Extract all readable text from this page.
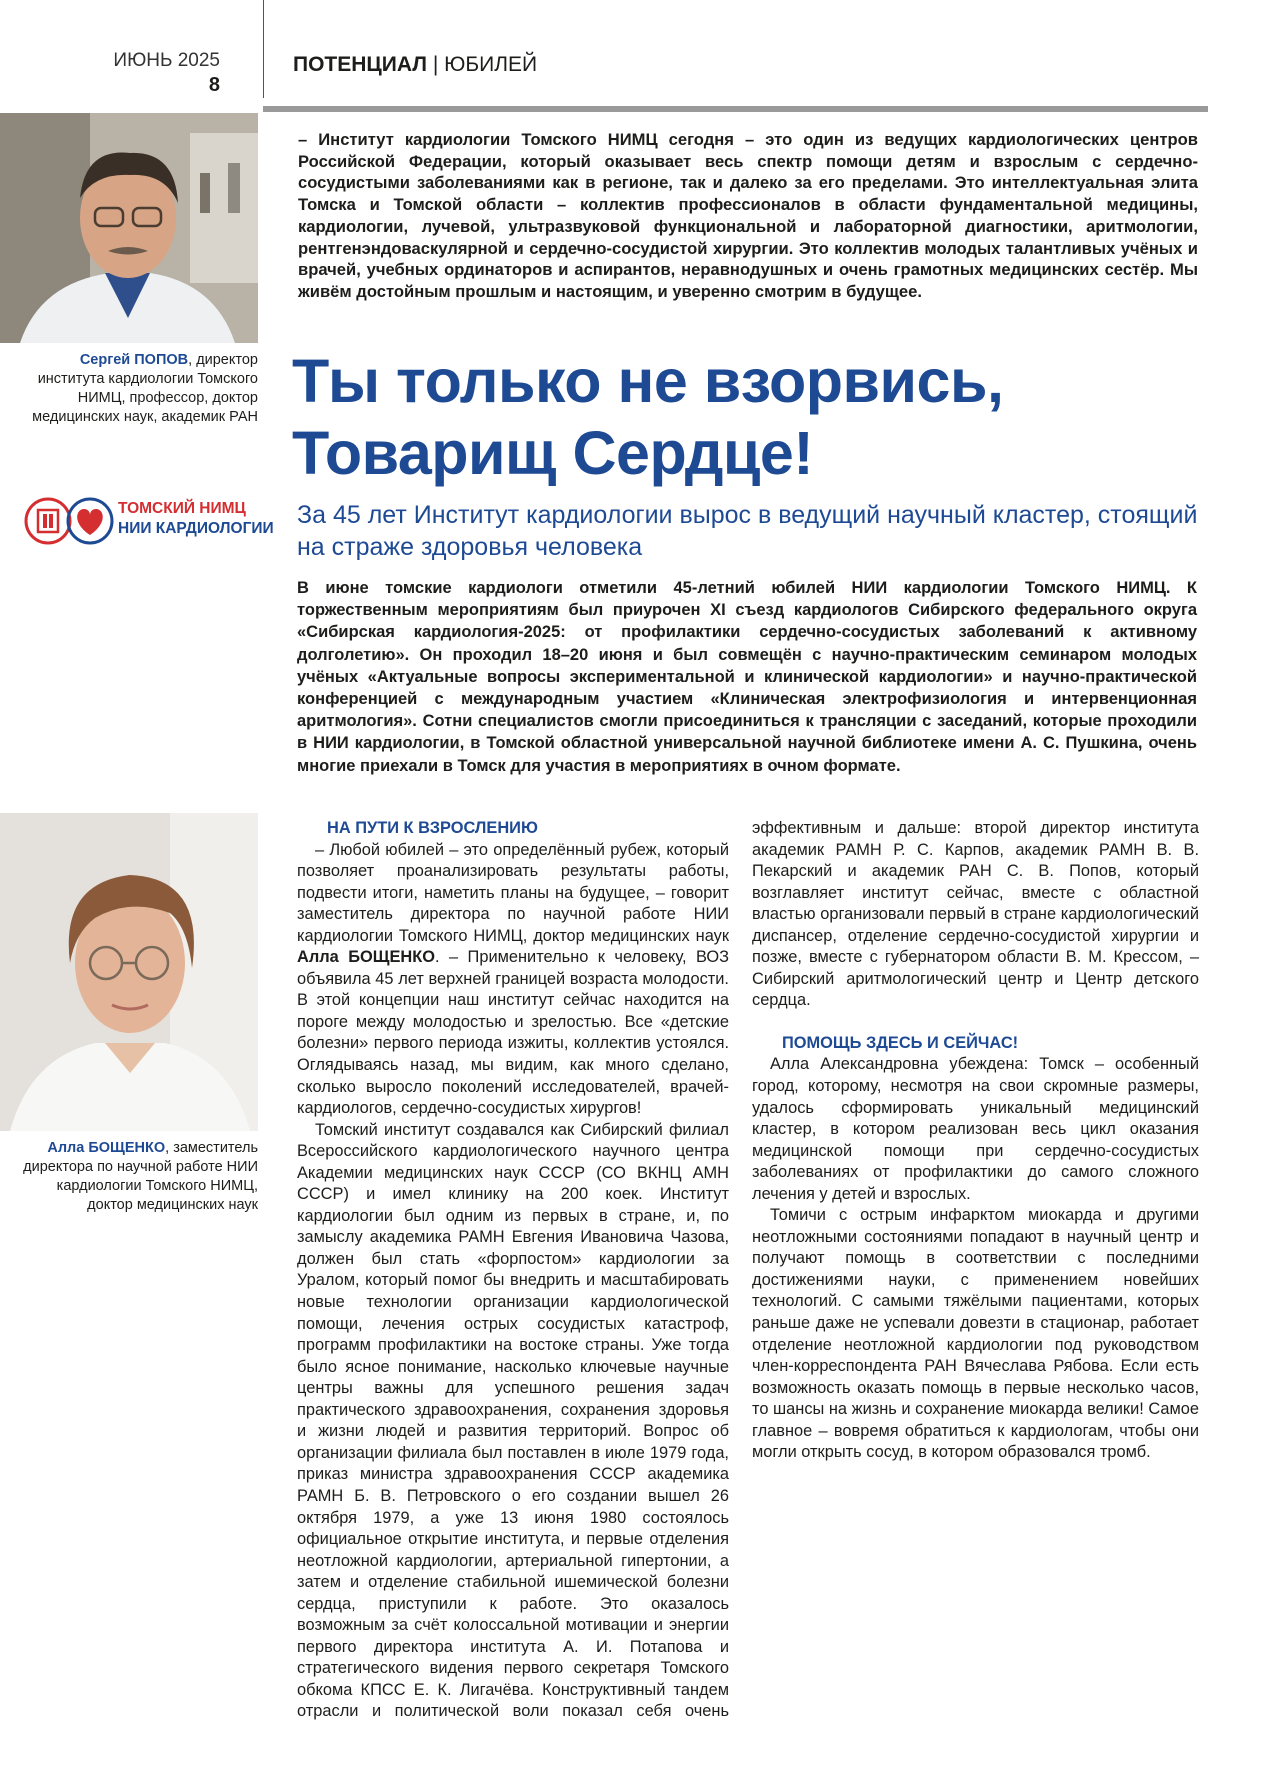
ИЮНЬ 2025
8
ПОТЕНЦИАЛ | ЮБИЛЕЙ
Сергей ПОПОВ, директор института кардиологии Томского НИМЦ, профессор, доктор медицинских наук, академик РАН
ТОМСКИЙ НИМЦ
НИИ КАРДИОЛОГИИ
– Институт кардиологии Томского НИМЦ сегодня – это один из ведущих кардиологических центров Российской Федерации, который оказывает весь спектр помощи детям и взрослым с сердечно-сосудистыми заболеваниями как в регионе, так и далеко за его пределами. Это интеллектуальная элита Томска и Томской области – коллектив профессионалов в области фундаментальной медицины, кардиологии, лучевой, ультразвуковой функциональной и лабораторной диагностики, аритмологии, рентгенэндоваскулярной и сердечно-сосудистой хирургии. Это коллектив молодых талантливых учёных и врачей, учебных ординаторов и аспирантов, неравнодушных и очень грамотных медицинских сестёр. Мы живём достойным прошлым и настоящим, и уверенно смотрим в будущее.
Ты только не взорвись,
Товарищ Сердце!
За 45 лет Институт кардиологии вырос в ведущий научный кластер, стоящий на страже здоровья человека
В июне томские кардиологи отметили 45-летний юбилей НИИ кардиологии Томского НИМЦ. К торжественным мероприятиям был приурочен XI съезд кардиологов Сибирского федерального округа «Сибирская кардиология-2025: от профилактики сердечно-сосудистых заболеваний к активному долголетию». Он проходил 18–20 июня и был совмещён с научно-практическим семинаром молодых учёных «Актуальные вопросы экспериментальной и клинической кардиологии» и научно-практической конференцией с международным участием «Клиническая электрофизиология и интервенционная аритмология». Сотни специалистов смогли присоединиться к трансляции с заседаний, которые проходили в НИИ кардиологии, в Томской областной универсальной научной библиотеке имени А. С. Пушкина, очень многие приехали в Томск для участия в мероприятиях в очном формате.
Алла БОЩЕНКО, заместитель директора по научной работе НИИ кардиологии Томского НИМЦ, доктор медицинских наук
НА ПУТИ К ВЗРОСЛЕНИЮ

– Любой юбилей – это определённый рубеж, который позволяет проанализировать результаты работы, подвести итоги, наметить планы на будущее, – говорит заместитель директора по научной работе НИИ кардиологии Томского НИМЦ, доктор медицинских наук Алла БОЩЕНКО. – Применительно к человеку, ВОЗ объявила 45 лет верхней границей возраста молодости. В этой концепции наш институт сейчас находится на пороге между молодостью и зрелостью. Все «детские болезни» первого периода изжиты, коллектив устоялся. Оглядываясь назад, мы видим, как много сделано, сколько выросло поколений исследователей, врачей-кардиологов, сердечно-сосудистых хирургов!

Томский институт создавался как Сибирский филиал Всероссийского кардиологического научного центра Академии медицинских наук СССР (СО ВКНЦ АМН СССР) и имел клинику на 200 коек. Институт кардиологии был одним из первых в стране, и, по замыслу академика РАМН Евгения Ивановича Чазова, должен был стать «форпостом» кардиологии за Уралом, который помог бы внедрить и масштабировать новые технологии организации кардиологической помощи, лечения острых сосудистых катастроф, программ профилактики на востоке страны. Уже тогда было ясное понимание, насколько ключевые научные центры важны для успешного решения задач практического здравоохранения, сохранения здоровья и жизни людей и развития территорий. Вопрос об организации филиала был поставлен в июле 1979 года, приказ министра здравоохранения СССР академика РАМН Б. В. Петровского о его создании вышел 26 октября 1979, а уже 13 июня 1980 состоялось официальное открытие института, и первые отделения неотложной кардиологии, артериальной гипертонии, а затем и отделение стабильной ишемической болезни сердца, приступили к работе. Это оказалось возможным за счёт колоссальной мотивации и энергии первого директора института А. И. Потапова и стратегического видения первого секретаря Томского обкома КПСС Е. К. Лигачёва. Конструктивный тандем отрасли и политической воли показал себя очень

эффективным и дальше: второй директор института академик РАМН Р. С. Карпов, академик РАМН В. В. Пекарский и академик РАН С. В. Попов, который возглавляет институт сейчас, вместе с областной властью организовали первый в стране кардиологический диспансер, отделение сердечно-сосудистой хирургии и позже, вместе с губернатором области В. М. Крессом, – Сибирский аритмологический центр и Центр детского сердца.

ПОМОЩЬ ЗДЕСЬ И СЕЙЧАС!

Алла Александровна убеждена: Томск – особенный город, которому, несмотря на свои скромные размеры, удалось сформировать уникальный медицинский кластер, в котором реализован весь цикл оказания медицинской помощи при сердечно-сосудистых заболеваниях от профилактики до самого сложного лечения у детей и взрослых.

Томичи с острым инфарктом миокарда и другими неотложными состояниями попадают в научный центр и получают помощь в соответствии с последними достижениями науки, с применением новейших технологий. С самыми тяжёлыми пациентами, которых раньше даже не успевали довезти в стационар, работает отделение неотложной кардиологии под руководством член-корреспондента РАН Вячеслава Рябова. Если есть возможность оказать помощь в первые несколько часов, то шансы на жизнь и сохранение миокарда велики! Самое главное – вовремя обратиться к кардиологам, чтобы они могли открыть сосуд, в котором образовался тромб.
